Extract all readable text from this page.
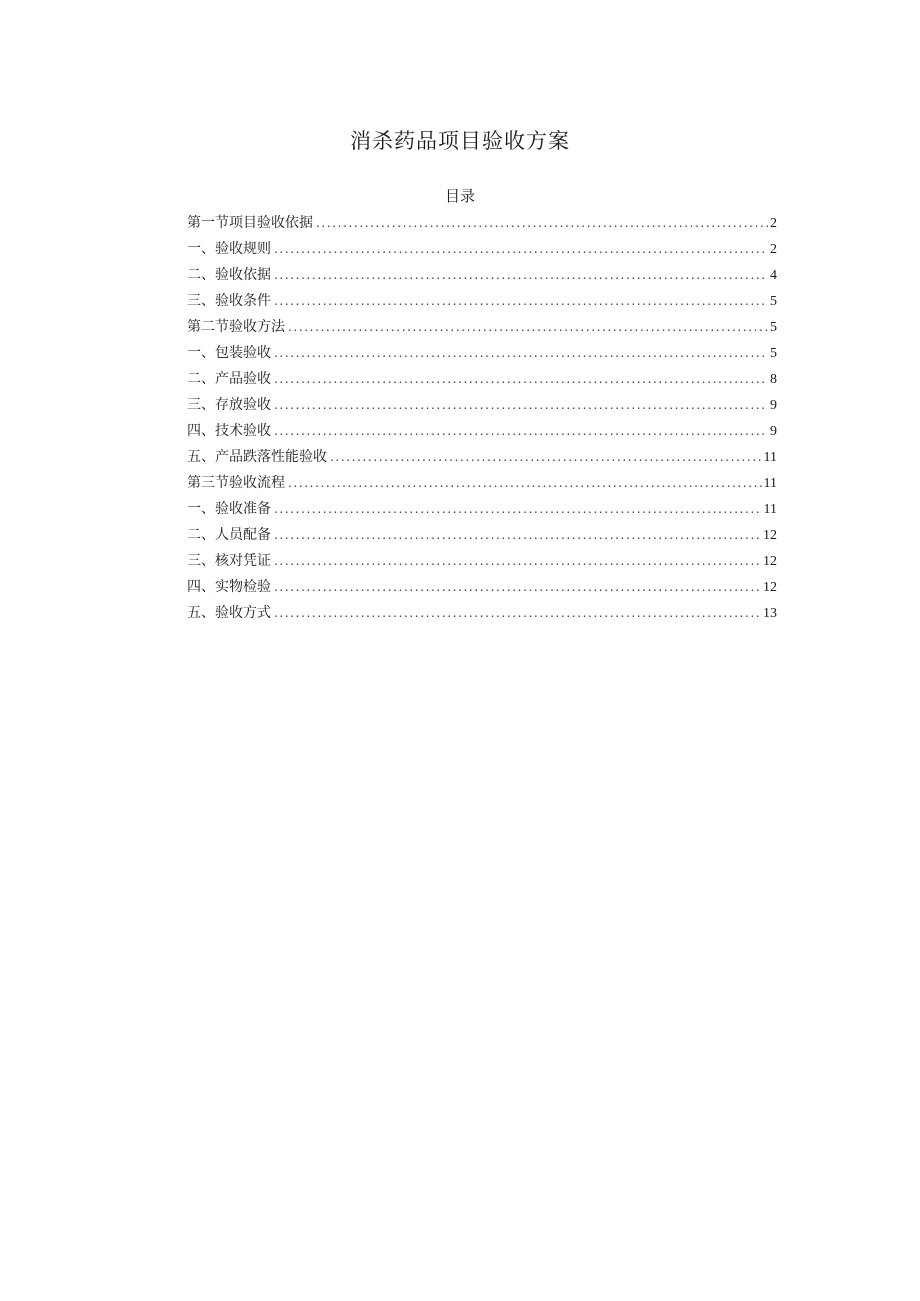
消杀药品项目验收方案
目录
第一节项目验收依据 .....	2
一、验收规则 .....	2
二、验收依据 .....	4
三、验收条件 .....	5
第二节验收方法 .....	5
一、包装验收 .....	5
二、产品验收 .....	8
三、存放验收 .....	9
四、技术验收 .....	9
五、产品跌落性能验收 .....	11
第三节验收流程 .....	11
一、验收准备 .....	11
二、人员配备 .....	12
三、核对凭证 .....	12
四、实物检验 .....	12
五、验收方式 .....	13
